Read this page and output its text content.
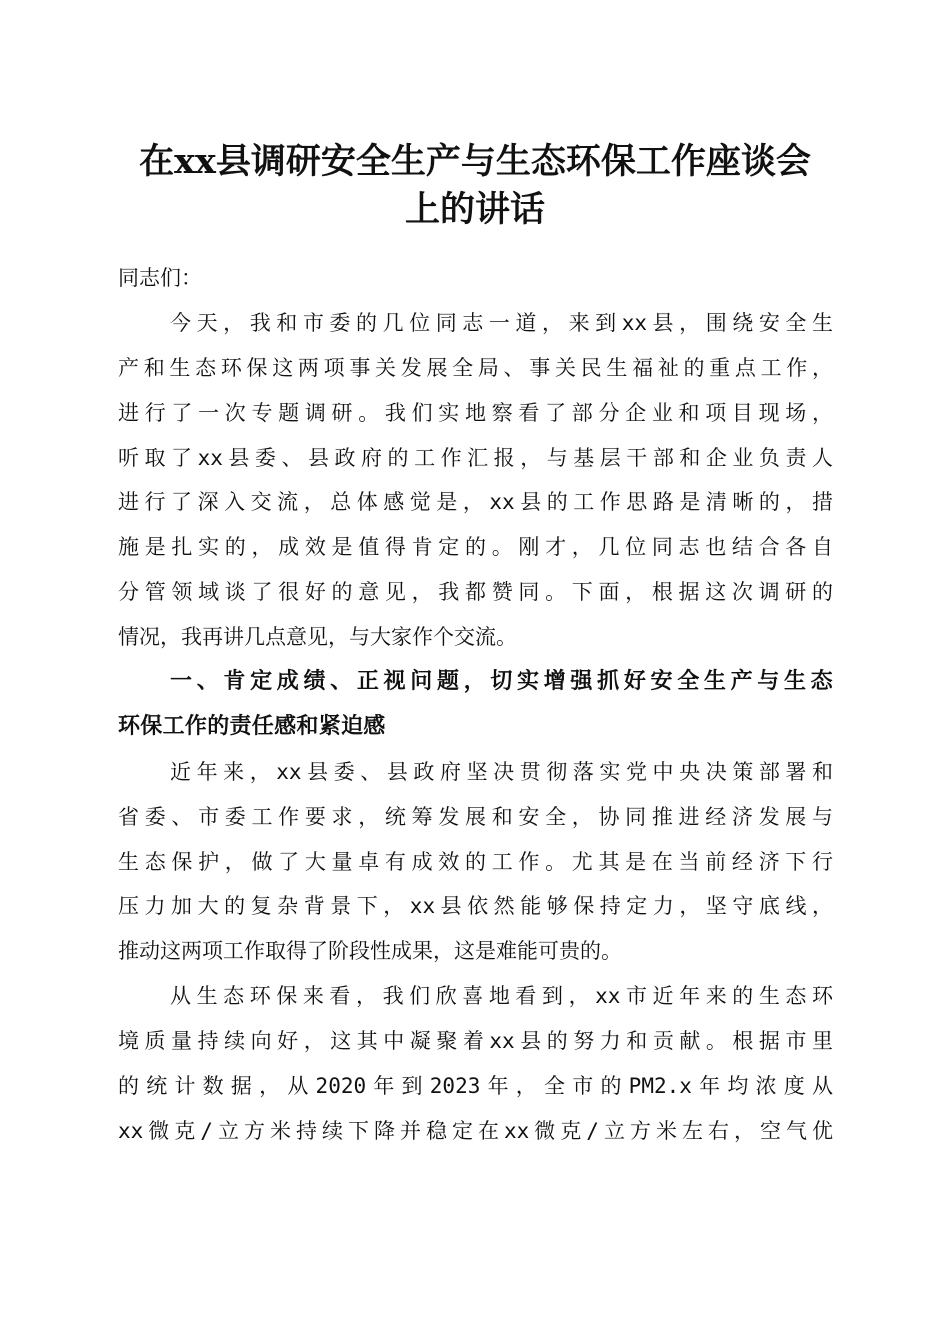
在xx县调研安全生产与生态环保工作座谈会
上的讲话
同志们：
今天，我和市委的几位同志一道，来到xx县，围绕安全生
产和生态环保这两项事关发展全局、事关民生福祉的重点工作，
进行了一次专题调研。我们实地察看了部分企业和项目现场，
听取了xx县委、县政府的工作汇报，与基层干部和企业负责人
进行了深入交流，总体感觉是，xx县的工作思路是清晰的，措
施是扎实的，成效是值得肯定的。刚才，几位同志也结合各自
分管领域谈了很好的意见，我都赞同。下面，根据这次调研的
情况，我再讲几点意见，与大家作个交流。
一、肯定成绩、正视问题，切实增强抓好安全生产与生态
环保工作的责任感和紧迫感
近年来，xx县委、县政府坚决贯彻落实党中央决策部署和
省委、市委工作要求，统筹发展和安全，协同推进经济发展与
生态保护，做了大量卓有成效的工作。尤其是在当前经济下行
压力加大的复杂背景下，xx县依然能够保持定力，坚守底线，
推动这两项工作取得了阶段性成果，这是难能可贵的。
从生态环保来看，我们欣喜地看到，xx市近年来的生态环
境质量持续向好，这其中凝聚着xx县的努力和贡献。根据市里
的统计数据，从2020年到2023年，全市的PM2.x年均浓度从
xx微克/立方米持续下降并稳定在xx微克/立方米左右，空气优
